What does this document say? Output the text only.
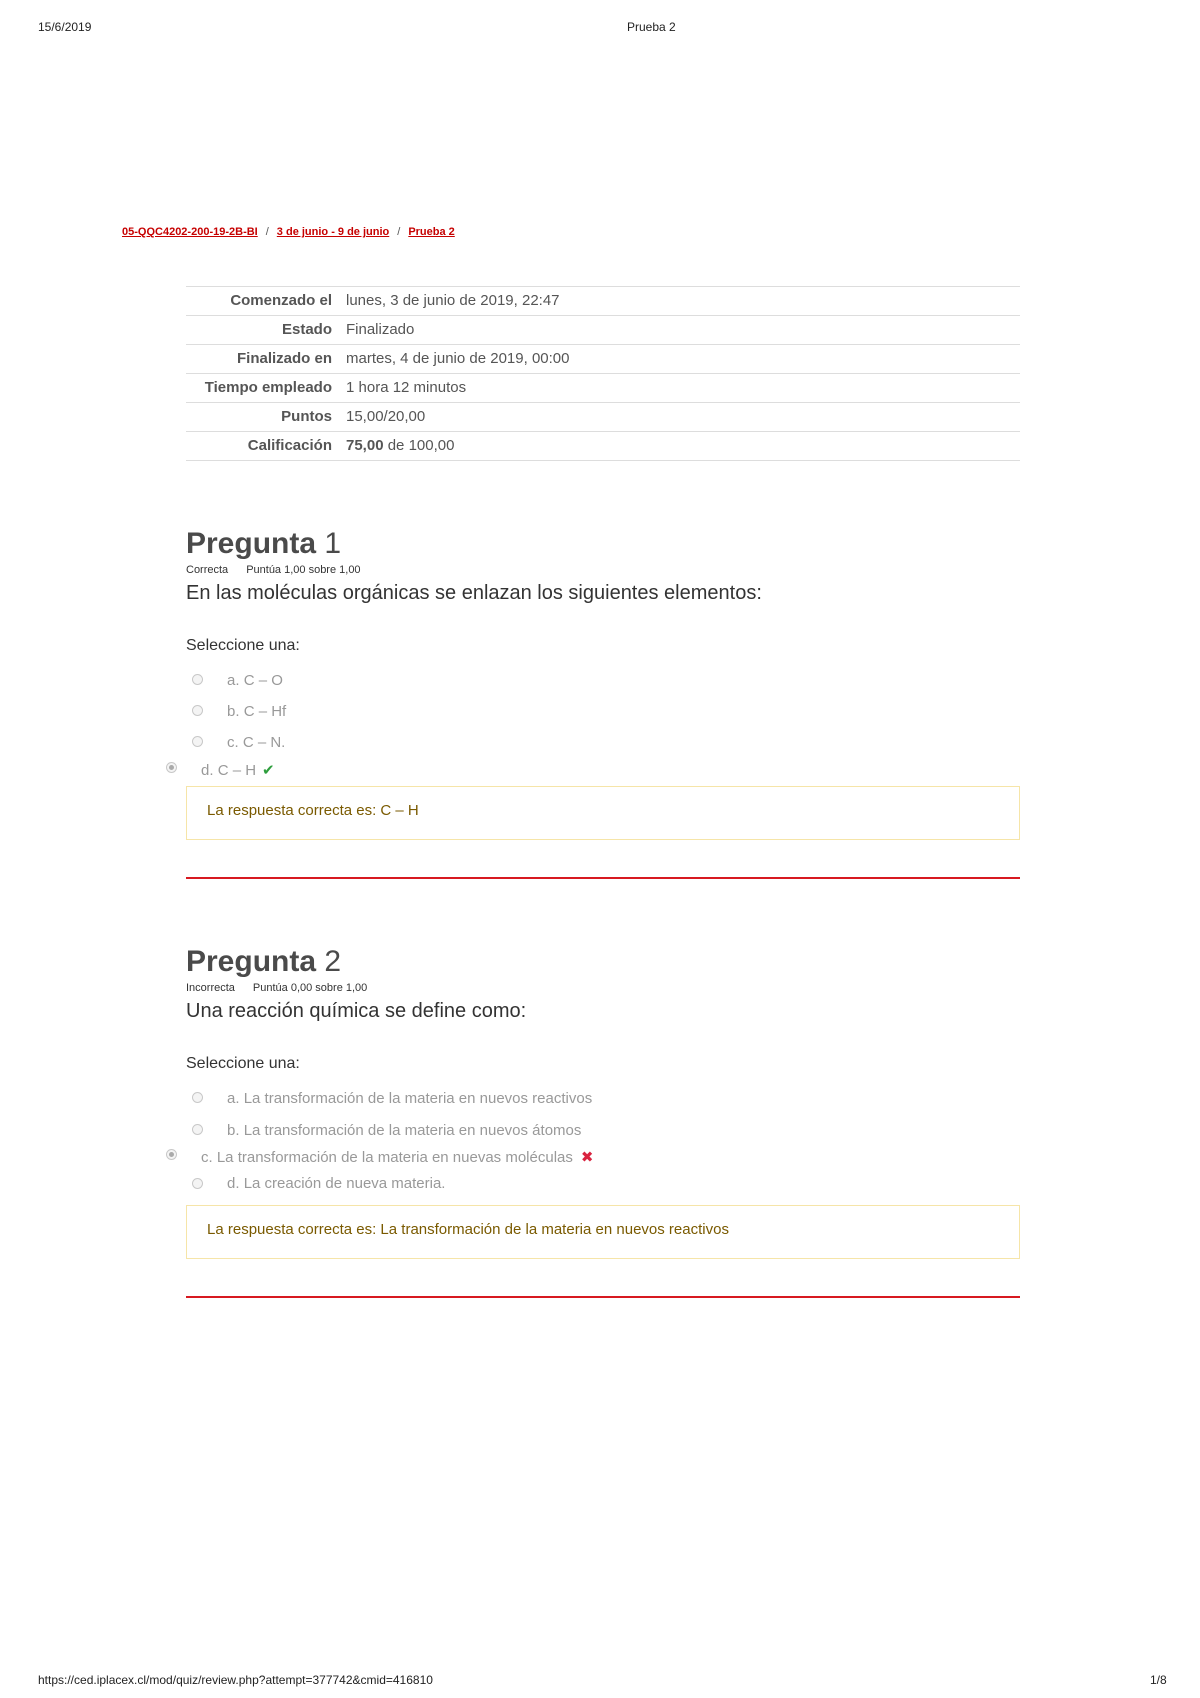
15/6/2019	Prueba 2
05-QQC4202-200-19-2B-BI / 3 de junio - 9 de junio / Prueba 2
Comenzado el	lunes, 3 de junio de 2019, 22:47
Estado	Finalizado
Finalizado en	martes, 4 de junio de 2019, 00:00
Tiempo empleado	1 hora 12 minutos
Puntos	15,00/20,00
Calificación	75,00 de 100,00
Pregunta 1
Correcta Puntúa 1,00 sobre 1,00
En las moléculas orgánicas se enlazan los siguientes elementos:
Seleccione una:
a.
C – O
b.
C – Hf
c.
C – N.
d.
C – H ✔
La respuesta correcta es: C – H
Pregunta 2
Incorrecta Puntúa 0,00 sobre 1,00
Una reacción química se define como:
Seleccione una:
a.
La transformación de la materia en nuevos reactivos
b.
La transformación de la materia en nuevos átomos
c.
La transformación de la materia en nuevas moléculas ✖
d.
La creación de nueva materia.
La respuesta correcta es: La transformación de la materia en nuevos reactivos
https://ced.iplacex.cl/mod/quiz/review.php?attempt=377742&cmid=416810	1/8
